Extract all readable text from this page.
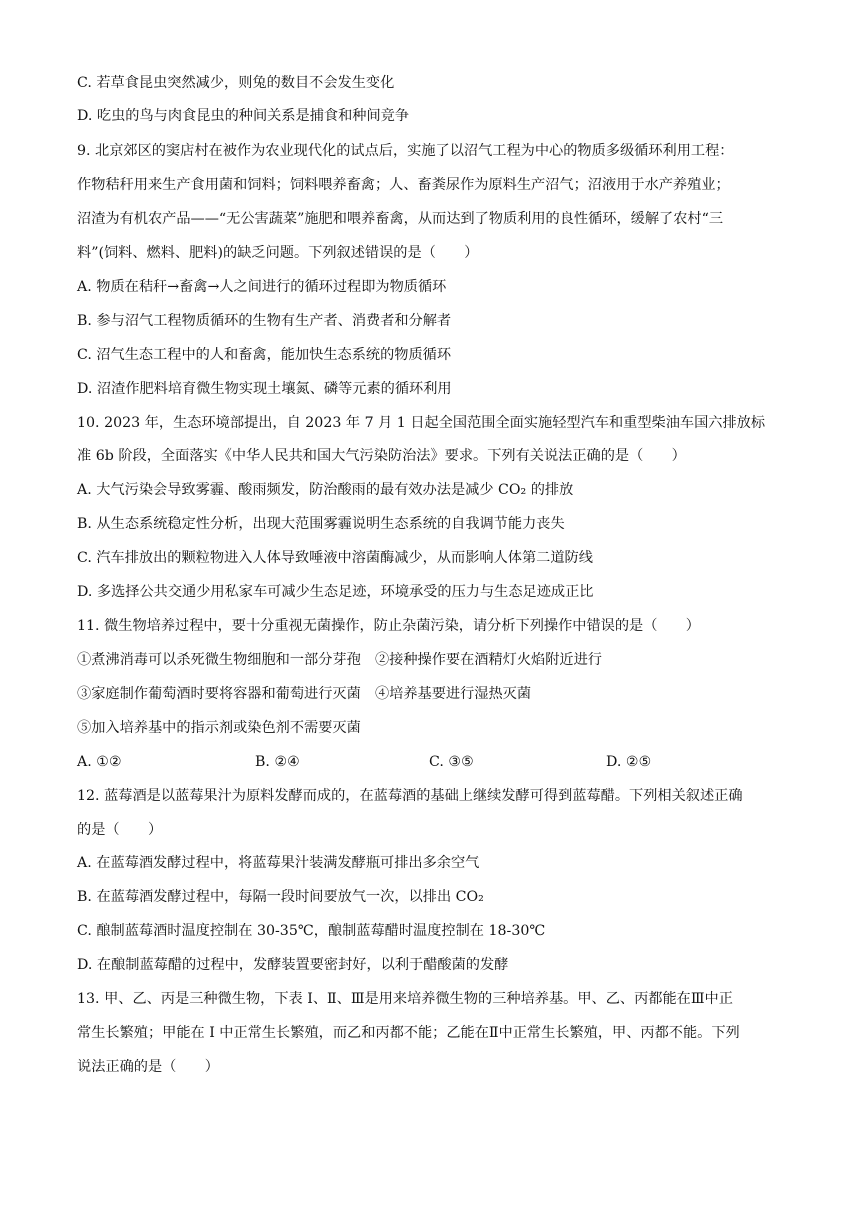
C. 若草食昆虫突然减少，则兔的数目不会发生变化
D. 吃虫的鸟与肉食昆虫的种间关系是捕食和种间竞争
9. 北京郊区的窦店村在被作为农业现代化的试点后，实施了以沼气工程为中心的物质多级循环利用工程：
作物秸秆用来生产食用菌和饲料；饲料喂养畜禽；人、畜粪尿作为原料生产沼气；沼液用于水产养殖业；
沼渣为有机农产品——“无公害蔬菜”施肥和喂养畜禽，从而达到了物质利用的良性循环，缓解了农村“三
料”(饲料、燃料、肥料)的缺乏问题。下列叙述错误的是（　　）
A. 物质在秸秆→畜禽→人之间进行的循环过程即为物质循环
B. 参与沼气工程物质循环的生物有生产者、消费者和分解者
C. 沼气生态工程中的人和畜禽，能加快生态系统的物质循环
D. 沼渣作肥料培育微生物实现土壤氮、磷等元素的循环利用
10. 2023 年，生态环境部提出，自 2023 年 7 月 1 日起全国范围全面实施轻型汽车和重型柴油车国六排放标
准 6b 阶段，全面落实《中华人民共和国大气污染防治法》要求。下列有关说法正确的是（　　）
A. 大气污染会导致雾霾、酸雨频发，防治酸雨的最有效办法是减少 CO₂ 的排放
B. 从生态系统稳定性分析，出现大范围雾霾说明生态系统的自我调节能力丧失
C. 汽车排放出的颗粒物进入人体导致唾液中溶菌酶减少，从而影响人体第二道防线
D. 多选择公共交通少用私家车可减少生态足迹，环境承受的压力与生态足迹成正比
11. 微生物培养过程中，要十分重视无菌操作，防止杂菌污染，请分析下列操作中错误的是（　　）
①煮沸消毒可以杀死微生物细胞和一部分芽孢　②接种操作要在酒精灯火焰附近进行
③家庭制作葡萄酒时要将容器和葡萄进行灭菌　④培养基要进行湿热灭菌
⑤加入培养基中的指示剂或染色剂不需要灭菌
A. ①②	B. ②④	C. ③⑤	D. ②⑤
12. 蓝莓酒是以蓝莓果汁为原料发酵而成的，在蓝莓酒的基础上继续发酵可得到蓝莓醋。下列相关叙述正确
的是（　　）
A. 在蓝莓酒发酵过程中，将蓝莓果汁装满发酵瓶可排出多余空气
B. 在蓝莓酒发酵过程中，每隔一段时间要放气一次，以排出 CO₂
C. 酿制蓝莓酒时温度控制在 30-35℃，酿制蓝莓醋时温度控制在 18-30℃
D. 在酿制蓝莓醋的过程中，发酵装置要密封好，以利于醋酸菌的发酵
13. 甲、乙、丙是三种微生物，下表 I、Ⅱ、Ⅲ是用来培养微生物的三种培养基。甲、乙、丙都能在Ⅲ中正
常生长繁殖；甲能在 I 中正常生长繁殖，而乙和丙都不能；乙能在Ⅱ中正常生长繁殖，甲、丙都不能。下列
说法正确的是（　　）
